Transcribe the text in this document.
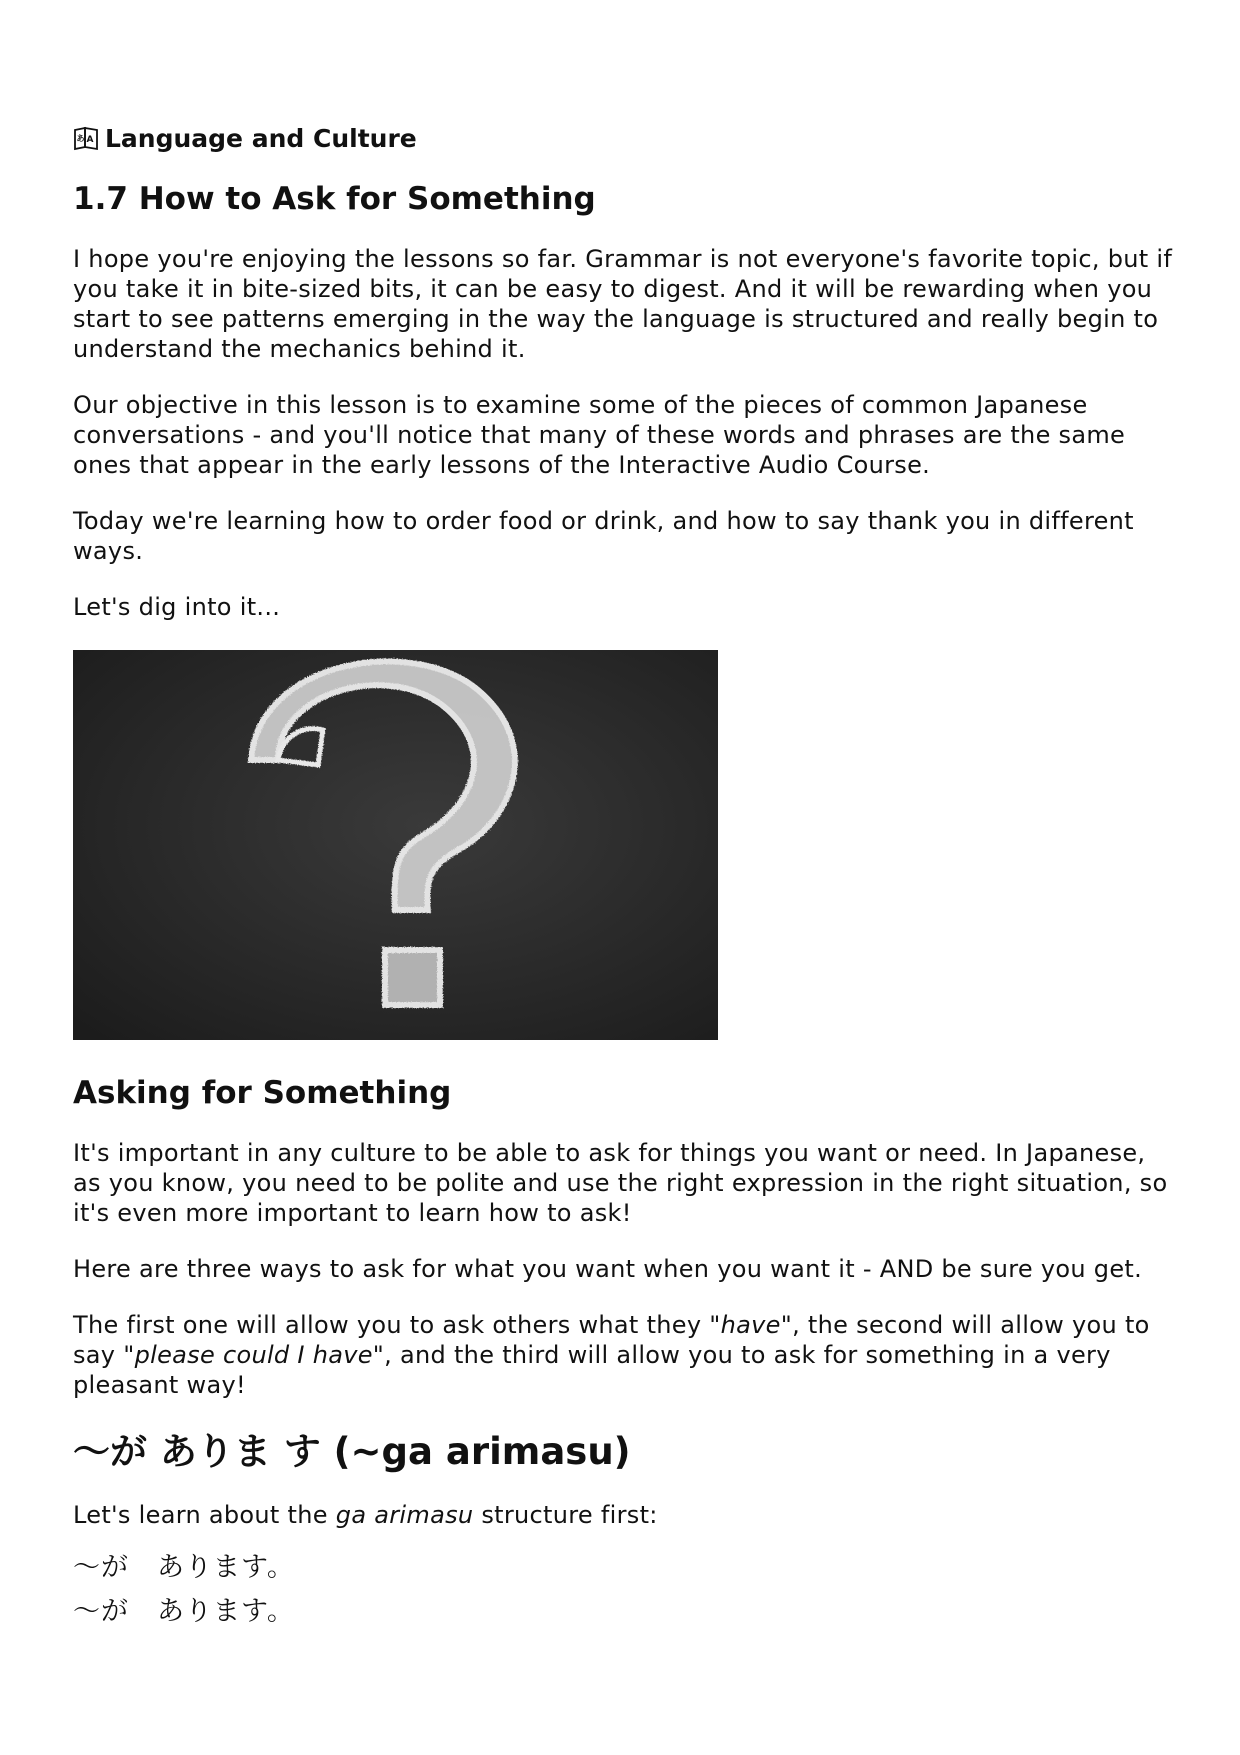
A
あ Language and Culture
1.7 How to Ask for Something

I hope you're enjoying the lessons so far. Grammar is not everyone's favorite topic, but if you take it in bite-sized bits, it can be easy to digest. And it will be rewarding when you start to see patterns emerging in the way the language is structured and really begin to understand the mechanics behind it.

Our objective in this lesson is to examine some of the pieces of common Japanese conversations - and you'll notice that many of these words and phrases are the same ones that appear in the early lessons of the Interactive Audio Course.

Today we're learning how to order food or drink, and how to say thank you in different ways.

Let's dig into it...

Asking for Something

It's important in any culture to be able to ask for things you want or need. In Japanese, as you know, you need to be polite and use the right expression in the right situation, so it's even more important to learn how to ask!

Here are three ways to ask for what you want when you want it - AND be sure you get.

The first one will allow you to ask others what they "have", the second will allow you to say "please could I have", and the third will allow you to ask for something in a very pleasant way!

〜が ありま す (~ga arimasu)

Let's learn about the ga arimasu structure first:

〜が　あります。
〜が　あります。
